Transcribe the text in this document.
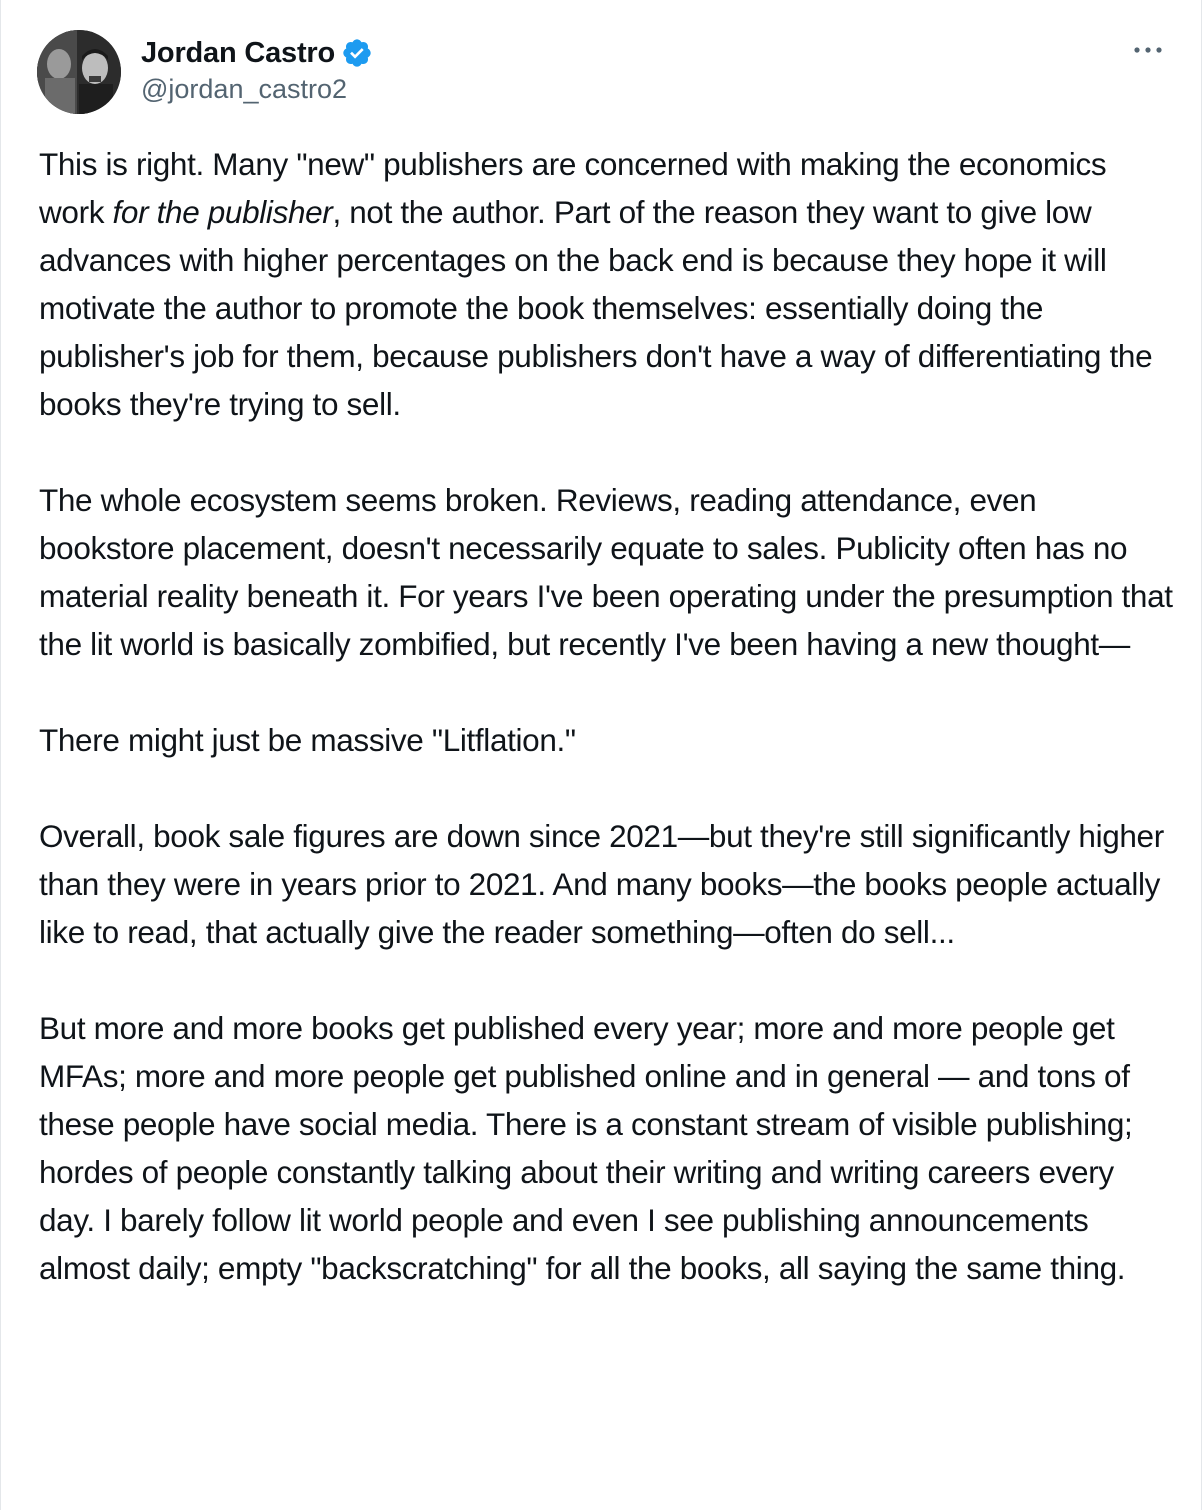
Jordan Castro
@jordan_castro2

This is right. Many "new" publishers are concerned with making the economics work for the publisher, not the author. Part of the reason they want to give low advances with higher percentages on the back end is because they hope it will motivate the author to promote the book themselves: essentially doing the publisher's job for them, because publishers don't have a way of differentiating the books they're trying to sell.

The whole ecosystem seems broken. Reviews, reading attendance, even bookstore placement, doesn't necessarily equate to sales. Publicity often has no material reality beneath it. For years I've been operating under the presumption that the lit world is basically zombified, but recently I've been having a new thought—

There might just be massive "Litflation."

Overall, book sale figures are down since 2021—but they're still significantly higher than they were in years prior to 2021. And many books—the books people actually like to read, that actually give the reader something—often do sell...

But more and more books get published every year; more and more people get MFAs; more and more people get published online and in general — and tons of these people have social media. There is a constant stream of visible publishing; hordes of people constantly talking about their writing and writing careers every day. I barely follow lit world people and even I see publishing announcements almost daily; empty "backscratching" for all the books, all saying the same thing.
